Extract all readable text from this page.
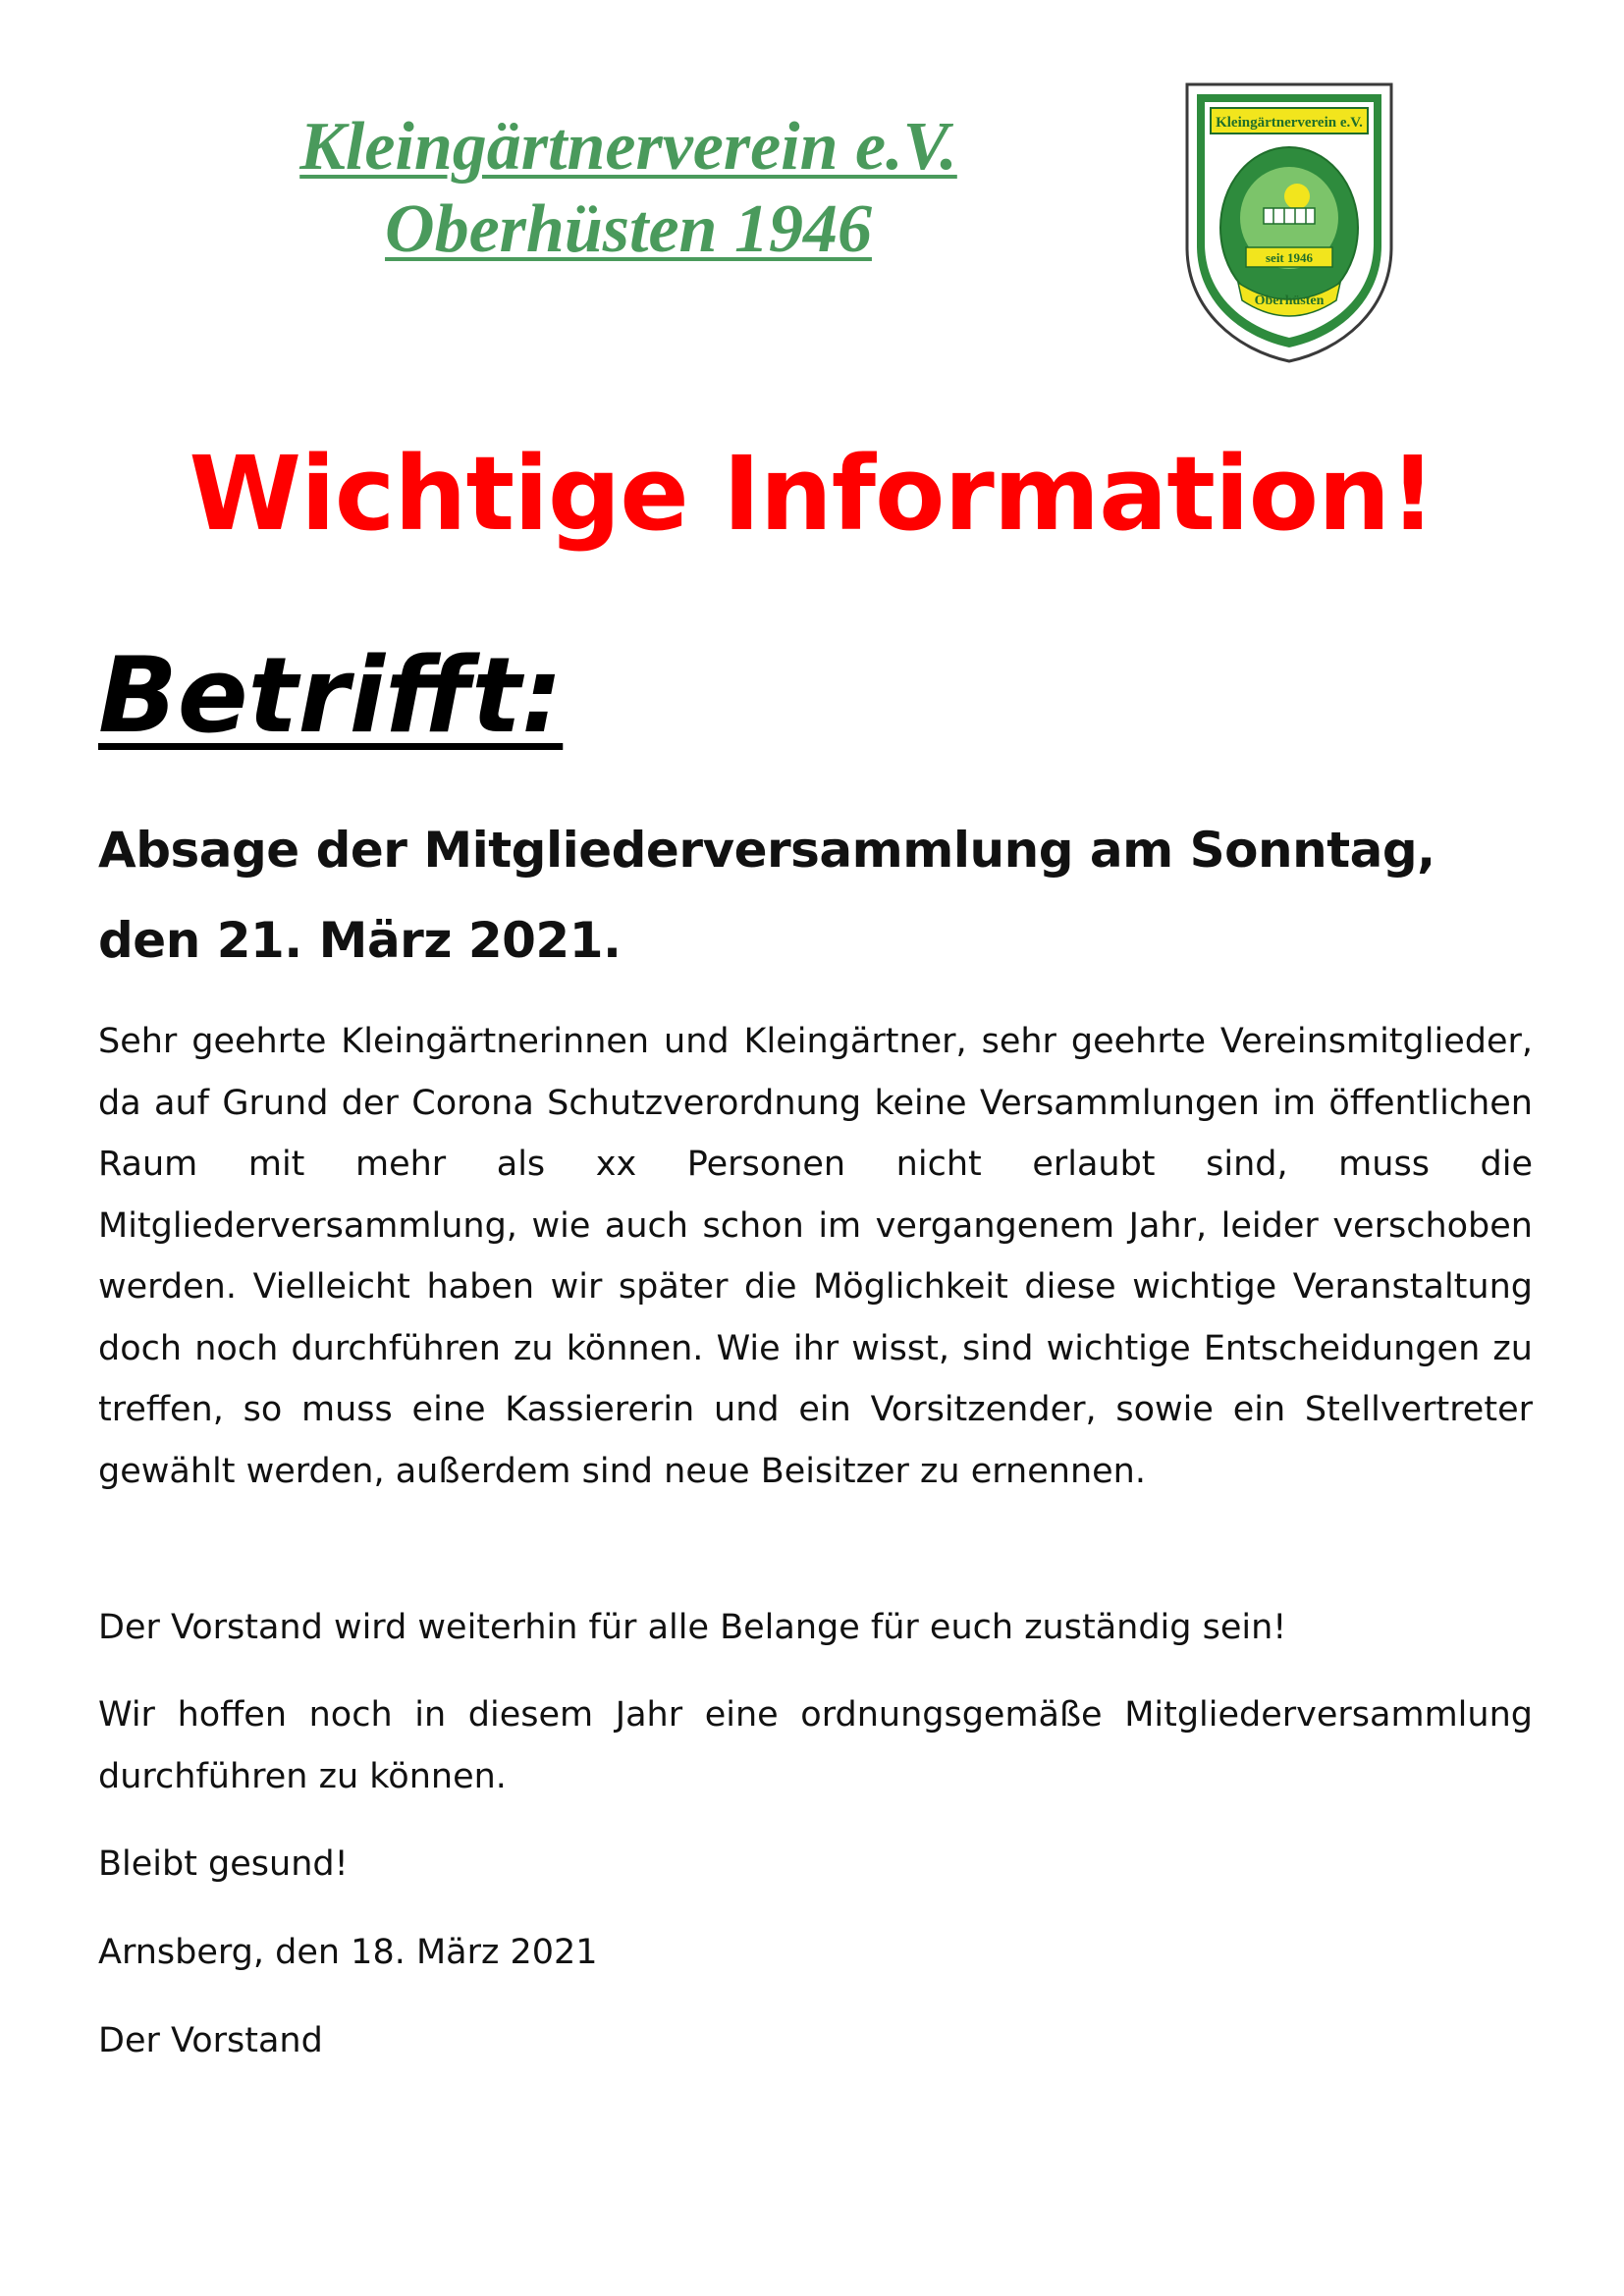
Kleingärtnerverein e.V.
Oberhüsten 1946
Kleingärtnerverein e.V.
seit 1946
Oberhüsten
Wichtige Information!
Betrifft:
Absage der Mitgliederversammlung am Sonntag,
den 21. März 2021.

Sehr geehrte Kleingärtnerinnen und Kleingärtner, sehr geehrte Vereinsmitglieder, da auf Grund der Corona Schutzverordnung keine Versammlungen im öffentlichen Raum mit mehr als xx Personen nicht erlaubt sind, muss die Mitgliederversammlung, wie auch schon im vergangenem Jahr, leider verschoben werden. Vielleicht haben wir später die Möglichkeit diese wichtige Veranstaltung doch noch durchführen zu können. Wie ihr wisst, sind wichtige Entscheidungen zu treffen, so muss eine Kassiererin und ein Vorsitzender, sowie ein Stellvertreter gewählt werden, außerdem sind neue Beisitzer zu ernennen.

Der Vorstand wird weiterhin für alle Belange für euch zuständig sein!

Wir hoffen noch in diesem Jahr eine ordnungsgemäße Mitgliederversammlung durchführen zu können.

Bleibt gesund!

Arnsberg, den 18. März 2021

Der Vorstand
